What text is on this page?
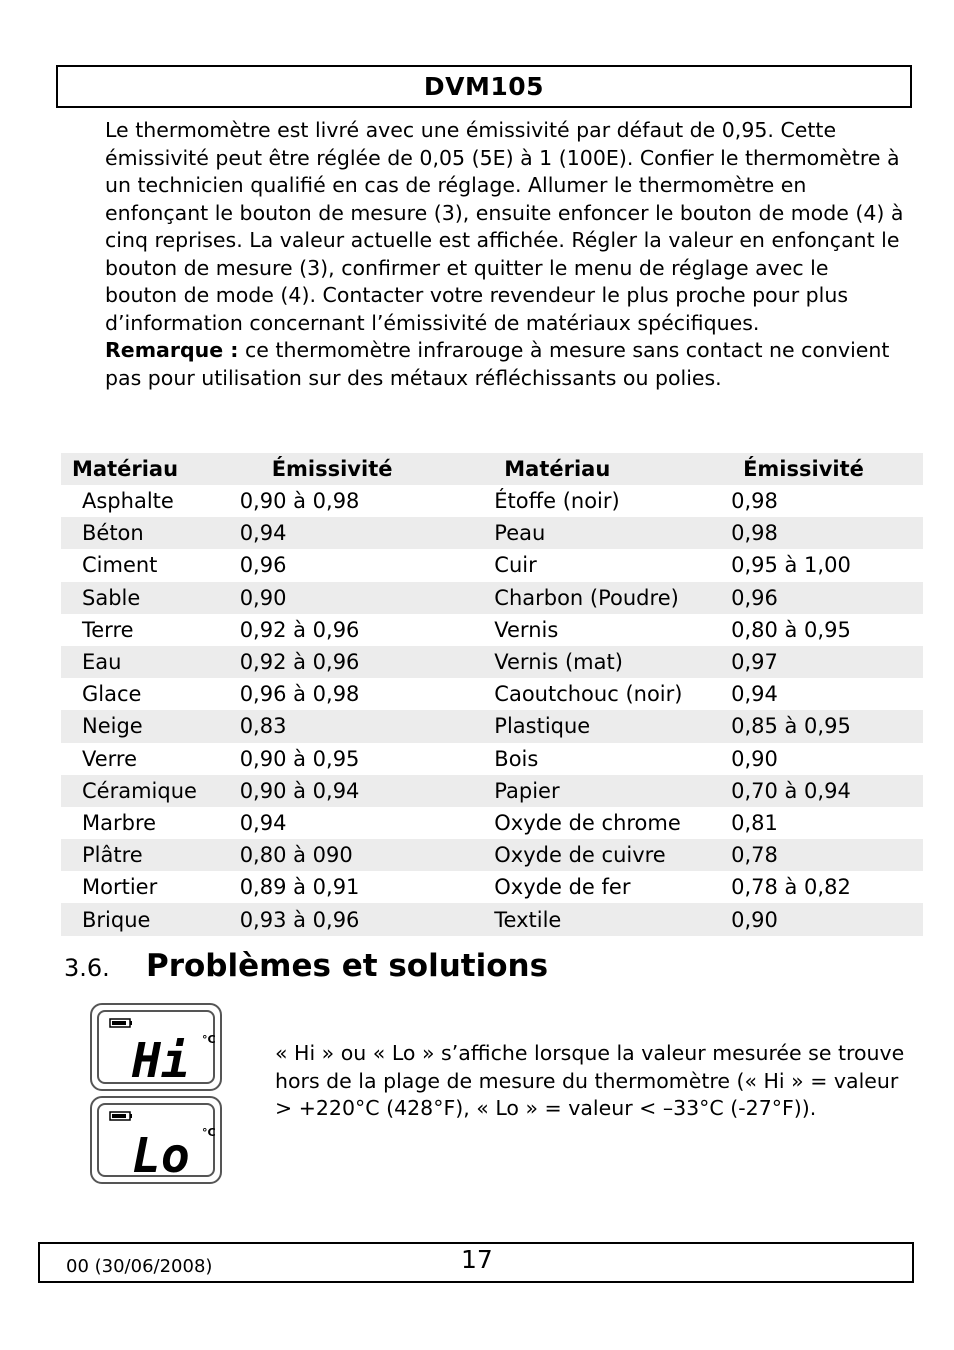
DVM105

Le thermomètre est livré avec une émissivité par défaut de 0,95. Cette émissivité peut être réglée de 0,05 (5E) à 1 (100E). Confier le thermomètre à un technicien qualifié en cas de réglage. Allumer le thermomètre en enfonçant le bouton de mesure (3), ensuite enfoncer le bouton de mode (4) à cinq reprises. La valeur actuelle est affichée. Régler la valeur en enfonçant le bouton de mesure (3), confirmer et quitter le menu de réglage avec le bouton de mode (4). Contacter votre revendeur le plus proche pour plus d’information concernant l’émissivité de matériaux spécifiques.

Remarque : ce thermomètre infrarouge à mesure sans contact ne convient pas pour utilisation sur des métaux réfléchissants ou polies.

Matériau	Émissivité	Matériau	Émissivité
Asphalte	0,90 à 0,98	Étoffe (noir)	0,98
Béton	0,94	Peau	0,98
Ciment	0,96	Cuir	0,95 à 1,00
Sable	0,90	Charbon (Poudre)	0,96
Terre	0,92 à 0,96	Vernis	0,80 à 0,95
Eau	0,92 à 0,96	Vernis (mat)	0,97
Glace	0,96 à 0,98	Caoutchouc (noir)	0,94
Neige	0,83	Plastique	0,85 à 0,95
Verre	0,90 à 0,95	Bois	0,90
Céramique	0,90 à 0,94	Papier	0,70 à 0,94
Marbre	0,94	Oxyde de chrome	0,81
Plâtre	0,80 à 090	Oxyde de cuivre	0,78
Mortier	0,89 à 0,91	Oxyde de fer	0,78 à 0,82
Brique	0,93 à 0,96	Textile	0,90
3.6.	Problèmes et solutions
°C
Hi
°C
Lo
« Hi » ou « Lo » s’affiche lorsque la valeur mesurée se trouve hors de la plage de mesure du thermomètre (« Hi » = valeur > +220°C (428°F), « Lo » = valeur < –33°C (-27°F)).
00 (30/06/2008)	17
